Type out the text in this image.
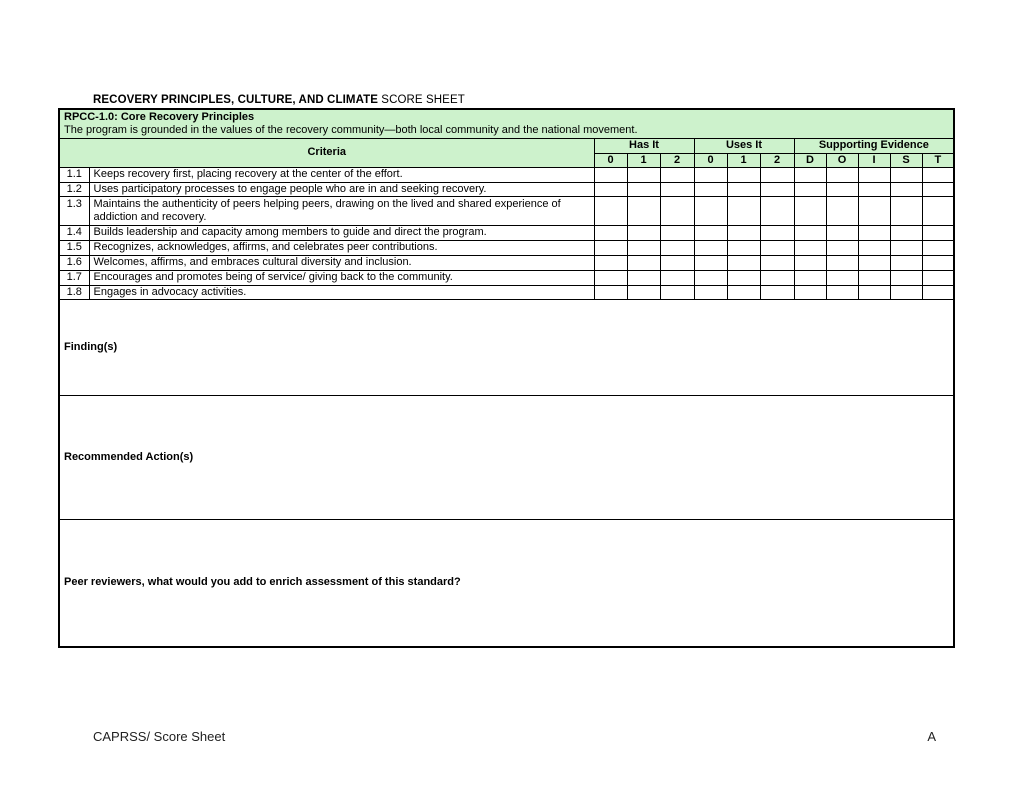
RECOVERY PRINCIPLES, CULTURE, AND CLIMATE SCORE SHEET
RPCC-1.0: Core Recovery Principles
The program is grounded in the values of the recovery community—both local community and the national movement.												

Criteria		Has It			Uses It			Supporting Evidence				
		0	1	2	0	1	2	D	O	I	S	T
1.1	Keeps recovery first, placing recovery at the center of the effort.											
1.2	Uses participatory processes to engage people who are in and seeking recovery.											
1.3	Maintains the authenticity of peers helping peers, drawing on the lived and shared experience of addiction and recovery.											
1.4	Builds leadership and capacity among members to guide and direct the program.											
1.5	Recognizes, acknowledges, affirms, and celebrates peer contributions.											
1.6	Welcomes, affirms, and embraces cultural diversity and inclusion.											
1.7	Encourages and promotes being of service/ giving back to the community.											
1.8	Engages in advocacy activities.											

Finding(s)												

Recommended Action(s)												

Peer reviewers, what would you add to enrich assessment of this standard?												
CAPRSS/ Score Sheet	A
